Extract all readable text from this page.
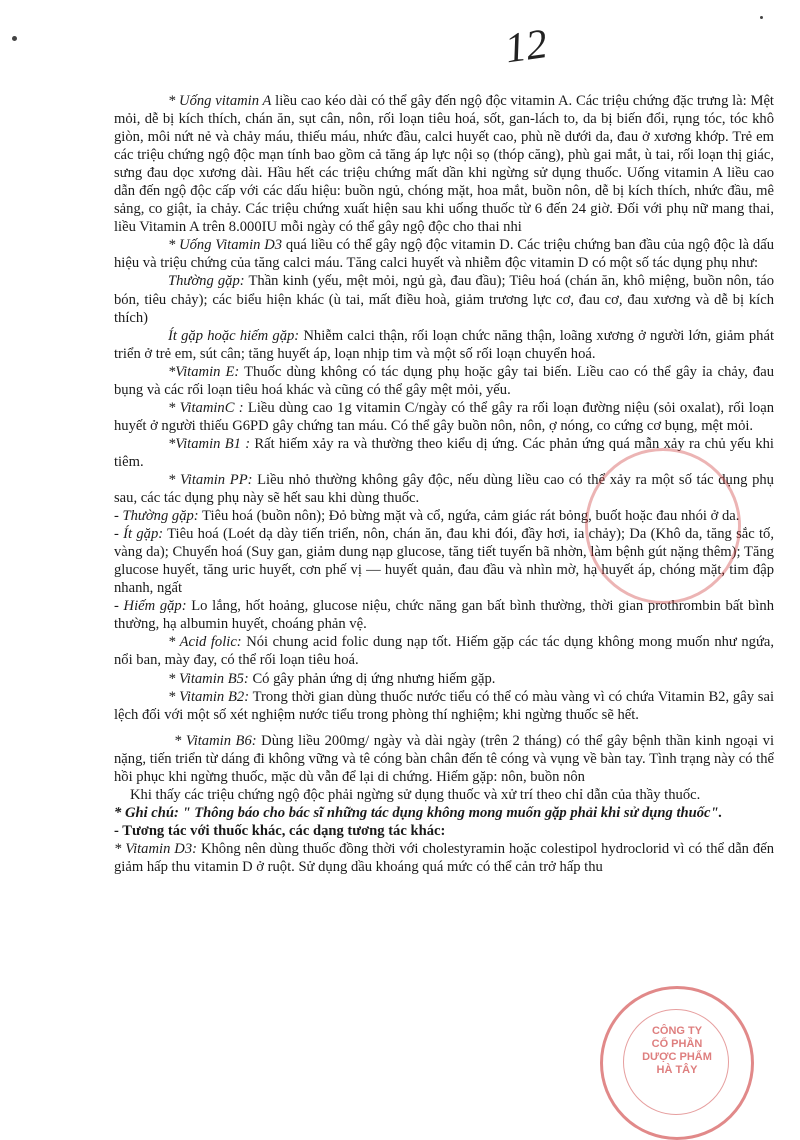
12

* Uống vitamin A liều cao kéo dài có thể gây đến ngộ độc vitamin A. Các triệu chứng đặc trưng là: Mệt mỏi, dễ bị kích thích, chán ăn, sụt cân, nôn, rối loạn tiêu hoá, sốt, gan-lách to, da bị biến đổi, rụng tóc, tóc khô giòn, môi nứt nẻ và chảy máu, thiếu máu, nhức đầu, calci huyết cao, phù nề dưới da, đau ở xương khớp. Trẻ em các triệu chứng ngộ độc mạn tính bao gồm cả tăng áp lực nội sọ (thóp căng), phù gai mắt, ù tai, rối loạn thị giác, sưng đau dọc xương dài. Hầu hết các triệu chứng mất dần khi ngừng sử dụng thuốc. Uống vitamin A liều cao dẫn đến ngộ độc cấp với các dấu hiệu: buồn ngủ, chóng mặt, hoa mắt, buồn nôn, dễ bị kích thích, nhức đầu, mê sảng, co giật, ỉa chảy. Các triệu chứng xuất hiện sau khi uống thuốc từ 6 đến 24 giờ. Đối với phụ nữ mang thai, liều Vitamin A trên 8.000IU mỗi ngày có thể gây ngộ độc cho thai nhi

* Uống Vitamin D3 quá liều có thể gây ngộ độc vitamin D. Các triệu chứng ban đầu của ngộ độc là dấu hiệu và triệu chứng của tăng calci máu. Tăng calci huyết và nhiễm độc vitamin D có một số tác dụng phụ như:

Thường gặp: Thần kinh (yếu, mệt mỏi, ngủ gà, đau đầu); Tiêu hoá (chán ăn, khô miệng, buồn nôn, táo bón, tiêu chảy); các biểu hiện khác (ù tai, mất điều hoà, giảm trương lực cơ, đau cơ, đau xương và dễ bị kích thích)

Ít gặp hoặc hiếm gặp: Nhiễm calci thận, rối loạn chức năng thận, loãng xương ở người lớn, giảm phát triển ở trẻ em, sút cân; tăng huyết áp, loạn nhịp tim và một số rối loạn chuyển hoá.

*Vitamin E: Thuốc dùng không có tác dụng phụ hoặc gây tai biến. Liều cao có thể gây ỉa chảy, đau bụng và các rối loạn tiêu hoá khác và cũng có thể gây mệt mỏi, yếu.

* VitaminC : Liều dùng cao 1g vitamin C/ngày có thể gây ra rối loạn đường niệu (sỏi oxalat), rối loạn huyết ở người thiếu G6PD gây chứng tan máu. Có thể gây buồn nôn, nôn, ợ nóng, co cứng cơ bụng, mệt mỏi.

*Vitamin B1 : Rất hiếm xảy ra và thường theo kiểu dị ứng. Các phản ứng quá mẫn xảy ra chủ yếu khi tiêm.

* Vitamin PP: Liều nhỏ thường không gây độc, nếu dùng liều cao có thể xảy ra một số tác dụng phụ sau, các tác dụng phụ này sẽ hết sau khi dùng thuốc.

- Thường gặp: Tiêu hoá (buồn nôn); Đỏ bừng mặt và cổ, ngứa, cảm giác rát bỏng, buốt hoặc đau nhói ở da.

- Ít gặp: Tiêu hoá (Loét dạ dày tiến triển, nôn, chán ăn, đau khi đói, đầy hơi, ỉa chảy); Da (Khô da, tăng sắc tố, vàng da); Chuyển hoá (Suy gan, giảm dung nạp glucose, tăng tiết tuyến bã nhờn, làm bệnh gút nặng thêm); Tăng glucose huyết, tăng uric huyết, cơn phế vị — huyết quản, đau đầu và nhìn mờ, hạ huyết áp, chóng mặt, tim đập nhanh, ngất

- Hiếm gặp: Lo lắng, hốt hoảng, glucose niệu, chức năng gan bất bình thường, thời gian prothrombin bất bình thường, hạ albumin huyết, choáng phản vệ.

* Acid folic: Nói chung acid folic dung nạp tốt. Hiếm gặp các tác dụng không mong muốn như ngứa, nổi ban, mày đay, có thể rối loạn tiêu hoá.

* Vitamin B5: Có gây phản ứng dị ứng nhưng hiếm gặp.

* Vitamin B2: Trong thời gian dùng thuốc nước tiểu có thể có màu vàng vì có chứa Vitamin B2, gây sai lệch đối với một số xét nghiệm nước tiểu trong phòng thí nghiệm; khi ngừng thuốc sẽ hết.

* Vitamin B6: Dùng liều 200mg/ ngày và dài ngày (trên 2 tháng) có thể gây bệnh thần kinh ngoại vi nặng, tiến triển từ dáng đi không vững và tê cóng bàn chân đến tê cóng và vụng về bàn tay. Tình trạng này có thể hồi phục khi ngừng thuốc, mặc dù vẫn để lại di chứng. Hiếm gặp: nôn, buồn nôn

Khi thấy các triệu chứng ngộ độc phải ngừng sử dụng thuốc và xử trí theo chỉ dẫn của thầy thuốc.

* Ghi chú: " Thông báo cho bác sĩ những tác dụng không mong muốn gặp phải khi sử dụng thuốc".

- Tương tác với thuốc khác, các dạng tương tác khác:

* Vitamin D3: Không nên dùng thuốc đồng thời với cholestyramin hoặc colestipol hydroclorid vì có thể dẫn đến giảm hấp thu vitamin D ở ruột. Sử dụng dầu khoáng quá mức có thể cản trở hấp thu

CÔNG TY
CỔ PHẦN
DƯỢC PHẨM
HÀ TÂY
